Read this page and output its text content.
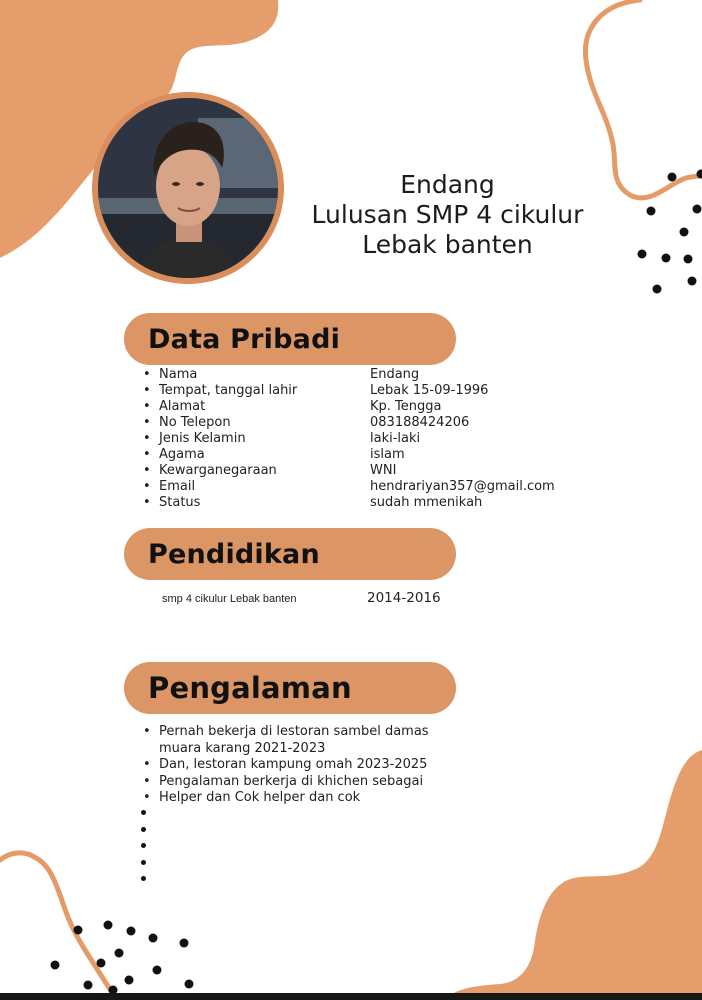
Endang
Lulusan SMP 4 cikulur
Lebak banten
Data Pribadi
• Nama	Endang
• Tempat, tanggal lahir	Lebak 15-09-1996
• Alamat	Kp. Tengga
• No Telepon	083188424206
• Jenis Kelamin	laki-laki
• Agama	islam
• Kewarganegaraan	WNI
• Email	hendrariyan357@gmail.com
• Status	sudah mmenikah
Pendidikan
smp 4 cikulur Lebak banten	2014-2016
Pengalaman
• Pernah bekerja di lestoran sambel damas muara karang 2021-2023
• Dan, lestoran kampung omah 2023-2025
• Pengalaman berkerja di khichen sebagai
• Helper dan Cok helper dan cok
